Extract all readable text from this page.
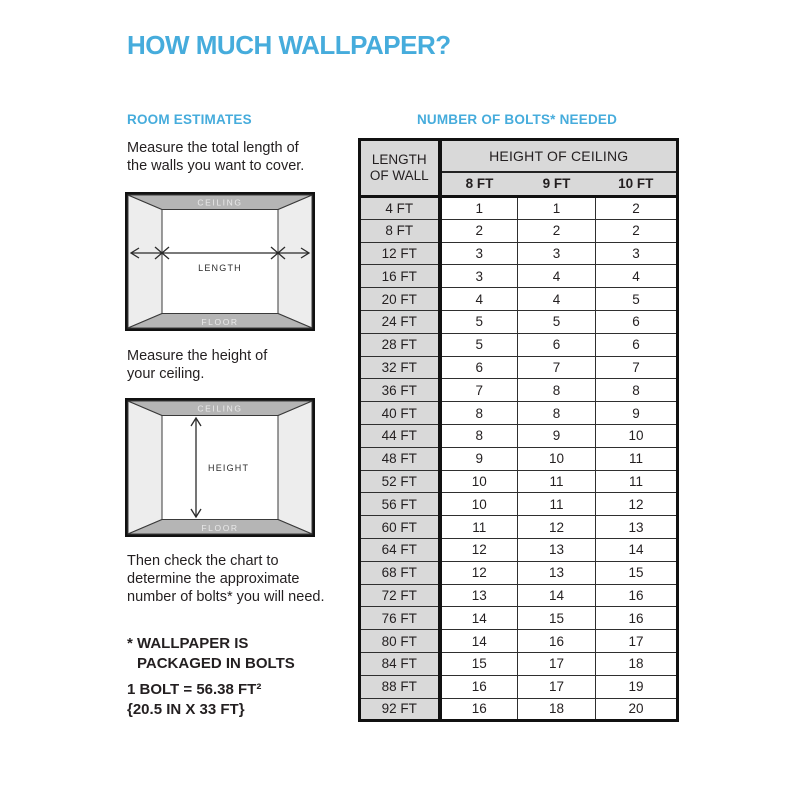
HOW MUCH WALLPAPER?
ROOM ESTIMATES
Measure the total length of
the walls you want to cover.
CEILING
FLOOR
LENGTH
Measure the height of
your ceiling.
CEILING
FLOOR
HEIGHT
Then check the chart to
determine the approximate
number of bolts* you will need.
* WALLPAPER IS
PACKAGED IN BOLTS
1 BOLT = 56.38 FT²
{20.5 IN X 33 FT}
NUMBER OF BOLTS* NEEDED
LENGTH
OF WALL	HEIGHT OF CEILING		
	8 FT	9 FT	10 FT
4 FT	1	1	2
8 FT	2	2	2
12 FT	3	3	3
16 FT	3	4	4
20 FT	4	4	5
24 FT	5	5	6
28 FT	5	6	6
32 FT	6	7	7
36 FT	7	8	8
40 FT	8	8	9
44 FT	8	9	10
48 FT	9	10	11
52 FT	10	11	11
56 FT	10	11	12
60 FT	11	12	13
64 FT	12	13	14
68 FT	12	13	15
72 FT	13	14	16
76 FT	14	15	16
80 FT	14	16	17
84 FT	15	17	18
88 FT	16	17	19
92 FT	16	18	20
